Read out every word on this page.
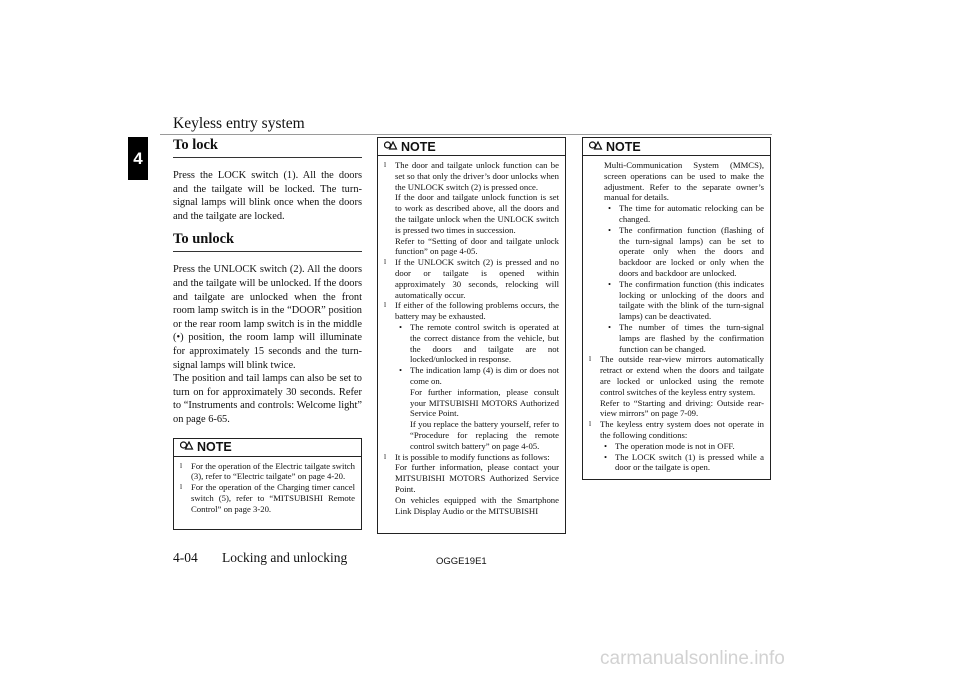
Keyless entry system
4
To lock

Press the LOCK switch (1). All the doors and the tailgate will be locked. The turn-signal lamps will blink once when the doors and the tailgate are locked.

To unlock

Press the UNLOCK switch (2). All the doors and the tailgate will be unlocked. If the doors and tailgate are unlocked when the front room lamp switch is in the “DOOR” position or the rear room lamp switch is in the middle (•) position, the room lamp will illuminate for approximately 15 seconds and the turn-signal lamps will blink twice.

The position and tail lamps can also be set to turn on for approximately 30 seconds. Refer to “Instruments and controls: Welcome light” on page 6-65.

NOTE
l	For the operation of the Electric tailgate switch (3), refer to “Electric tailgate” on page 4-20.

l	For the operation of the Charging timer cancel switch (5), refer to “MITSUBISHI Remote Control” on page 3-20.

NOTE
l	The door and tailgate unlock function can be set so that only the driver’s door unlocks when the UNLOCK switch (2) is pressed once.

If the door and tailgate unlock function is set to work as described above, all the doors and the tailgate unlock when the UNLOCK switch is pressed two times in succession.

Refer to “Setting of door and tailgate unlock function” on page 4-05.

l	If the UNLOCK switch (2) is pressed and no door or tailgate is opened within approximately 30 seconds, relocking will automatically occur.

l	If either of the following problems occurs, the battery may be exhausted.

• The remote control switch is operated at the correct distance from the vehicle, but the doors and tailgate are not locked/unlocked in response.

• The indication lamp (4) is dim or does not come on.

For further information, please consult your MITSUBISHI MOTORS Authorized Service Point.

If you replace the battery yourself, refer to “Procedure for replacing the remote control switch battery” on page 4-05.

l	It is possible to modify functions as follows:

For further information, please contact your MITSUBISHI MOTORS Authorized Service Point.

On vehicles equipped with the Smartphone Link Display Audio or the MITSUBISHI

NOTE

Multi-Communication System (MMCS), screen operations can be used to make the adjustment. Refer to the separate owner’s manual for details.

• The time for automatic relocking can be changed.

• The confirmation function (flashing of the turn-signal lamps) can be set to operate only when the doors and backdoor are locked or only when the doors and backdoor are unlocked.

• The confirmation function (this indicates locking or unlocking of the doors and tailgate with the blink of the turn-signal lamps) can be deactivated.

• The number of times the turn-signal lamps are flashed by the confirmation function can be changed.

l	The outside rear-view mirrors automatically retract or extend when the doors and tailgate are locked or unlocked using the remote control switches of the keyless entry system.

Refer to “Starting and driving: Outside rear-view mirrors” on page 7-09.

l	The keyless entry system does not operate in the following conditions:

• The operation mode is not in OFF.

• The LOCK switch (1) is pressed while a door or the tailgate is open.

4-04 Locking and unlocking	OGGE19E1
carmanualsonline.info
